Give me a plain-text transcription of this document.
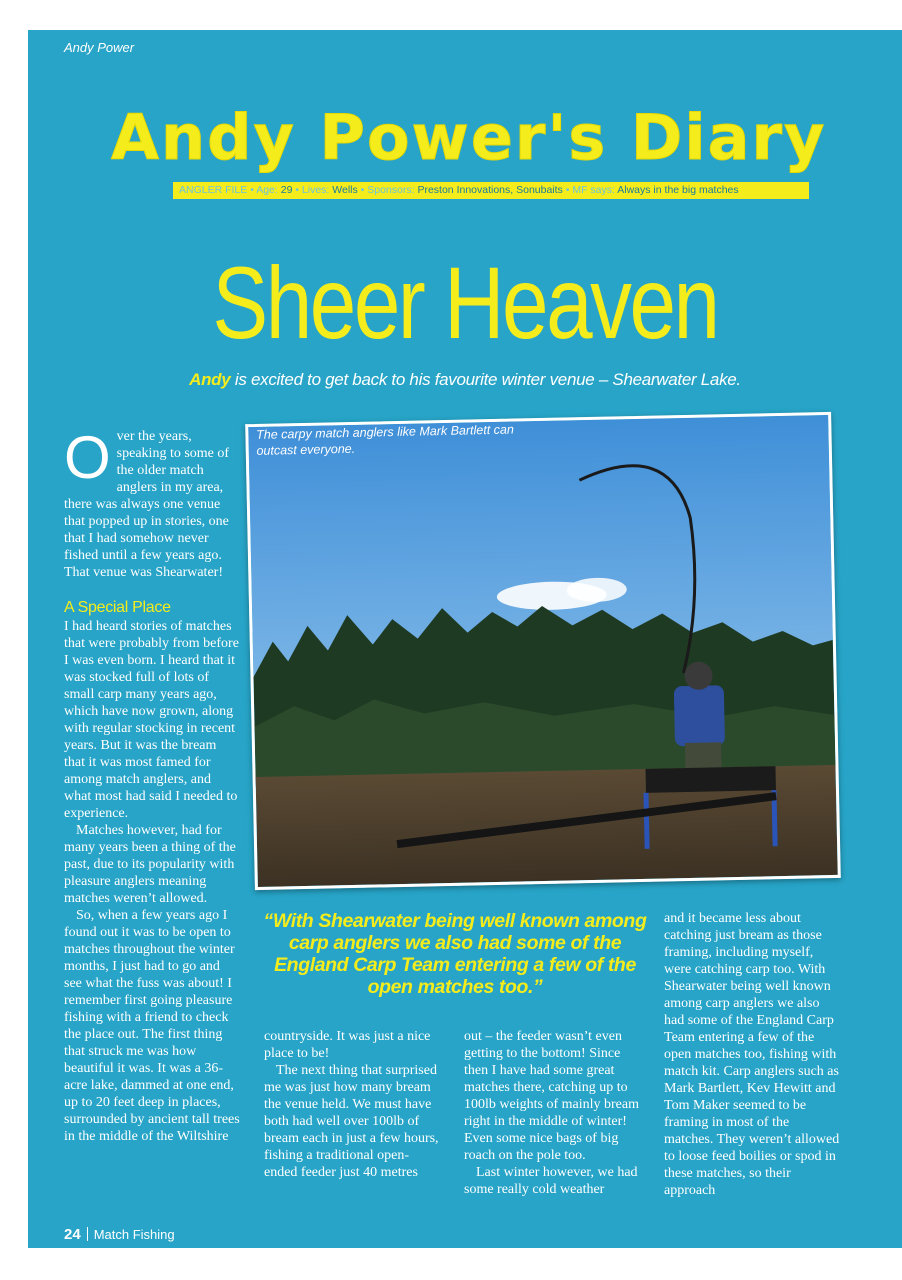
Andy Power
Andy Power's Diary
ANGLER FILE • Age: 29 • Lives: Wells • Sponsors: Preston Innovations, Sonubaits • MF says: Always in the big matches
Sheer Heaven
Andy is excited to get back to his favourite winter venue – Shearwater Lake.
The carpy match anglers like Mark Bartlett can outcast everyone.

Over the years, speaking to some of the older match anglers in my area, there was always one venue that popped up in stories, one that I had somehow never fished until a few years ago. That venue was Shearwater!

A Special Place

I had heard stories of matches that were probably from before I was even born. I heard that it was stocked full of lots of small carp many years ago, which have now grown, along with regular stocking in recent years. But it was the bream that it was most famed for among match anglers, and what most had said I needed to experience.

Matches however, had for many years been a thing of the past, due to its popularity with pleasure anglers meaning matches weren’t allowed.

So, when a few years ago I found out it was to be open to matches throughout the winter months, I just had to go and see what the fuss was about! I remember first going pleasure fishing with a friend to check the place out. The first thing that struck me was how beautiful it was. It was a 36-acre lake, dammed at one end, up to 20 feet deep in places, surrounded by ancient tall trees in the middle of the Wiltshire

“With Shearwater being well known among carp anglers we also had some of the England Carp Team entering a few of the open matches too.”

countryside. It was just a nice place to be!

The next thing that surprised me was just how many bream the venue held. We must have both had well over 100lb of bream each in just a few hours, fishing a traditional open-ended feeder just 40 metres

out – the feeder wasn’t even getting to the bottom! Since then I have had some great matches there, catching up to 100lb weights of mainly bream right in the middle of winter! Even some nice bags of big roach on the pole too.

Last winter however, we had some really cold weather

and it became less about catching just bream as those framing, including myself, were catching carp too. With Shearwater being well known among carp anglers we also had some of the England Carp Team entering a few of the open matches too, fishing with match kit. Carp anglers such as Mark Bartlett, Kev Hewitt and Tom Maker seemed to be framing in most of the matches. They weren’t allowed to loose feed boilies or spod in these matches, so their approach

24 Match Fishing
